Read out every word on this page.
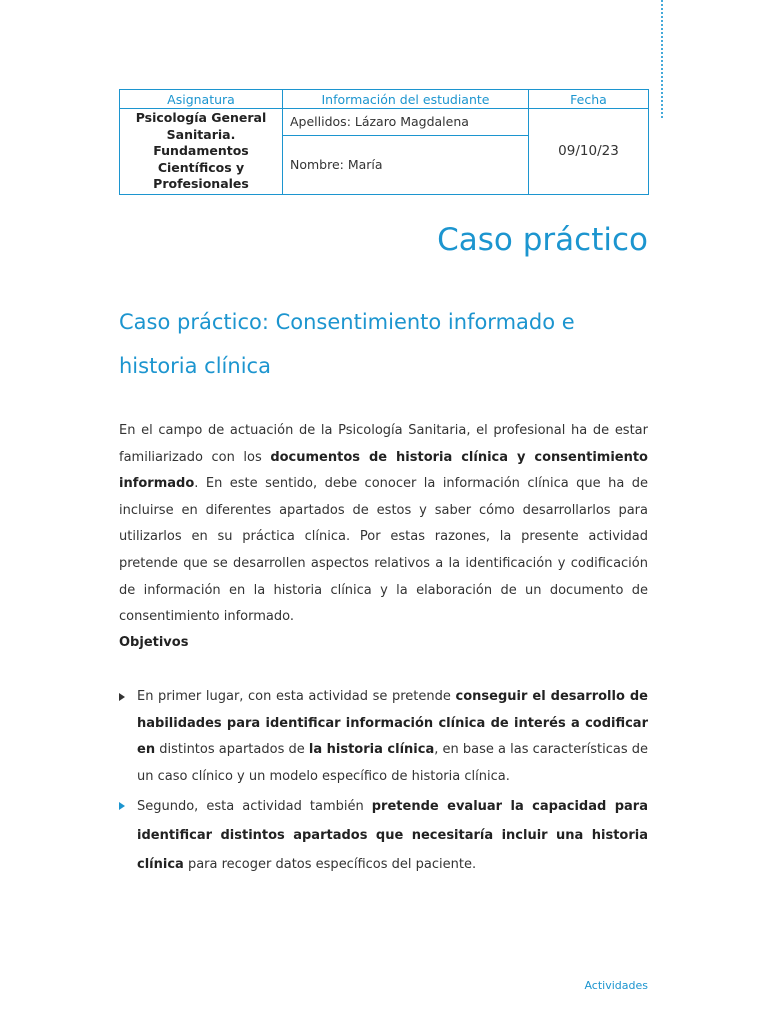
Asignatura	Información del estudiante	Fecha
Psicología General Sanitaria. Fundamentos Científicos y Profesionales	Apellidos: Lázaro Magdalena	09/10/23
	Nombre: María	
Caso práctico
Caso práctico: Consentimiento informado e historia clínica

En el campo de actuación de la Psicología Sanitaria, el profesional ha de estar familiarizado con los documentos de historia clínica y consentimiento informado. En este sentido, debe conocer la información clínica que ha de incluirse en diferentes apartados de estos y saber cómo desarrollarlos para utilizarlos en su práctica clínica. Por estas razones, la presente actividad pretende que se desarrollen aspectos relativos a la identificación y codificación de información en la historia clínica y la elaboración de un documento de consentimiento informado.

Objetivos
En primer lugar, con esta actividad se pretende conseguir el desarrollo de habilidades para identificar información clínica de interés a codificar en distintos apartados de la historia clínica, en base a las características de un caso clínico y un modelo específico de historia clínica.
Segundo, esta actividad también pretende evaluar la capacidad para identificar distintos apartados que necesitaría incluir una historia clínica para recoger datos específicos del paciente.
Actividades
